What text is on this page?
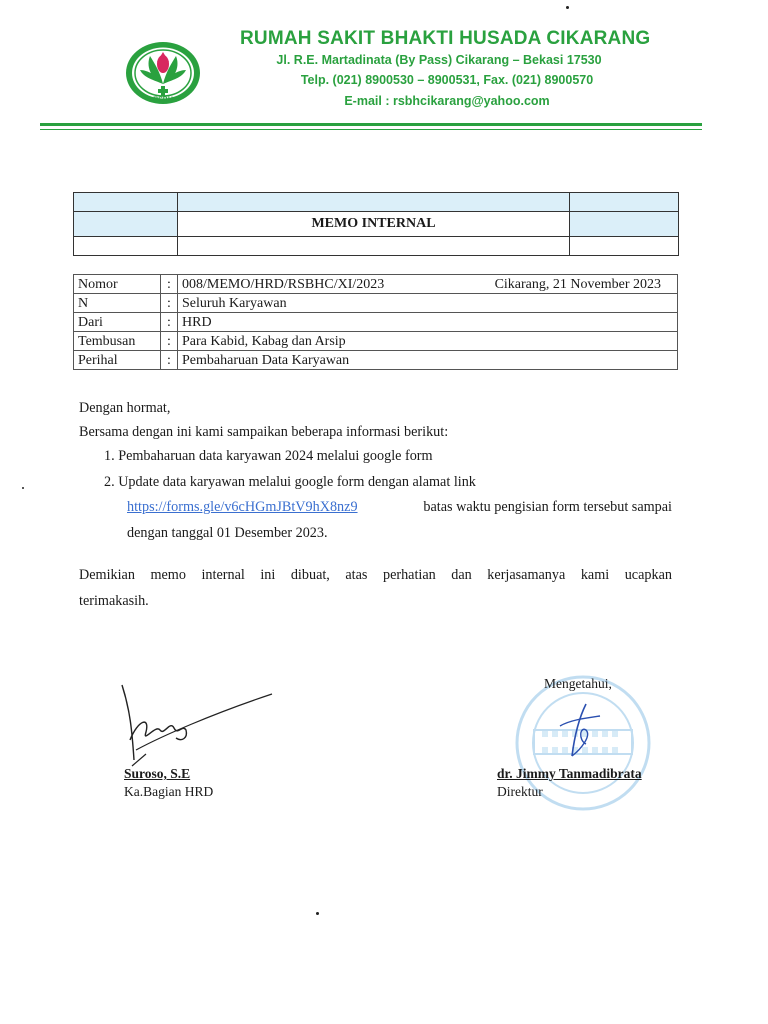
RSBH
RUMAH SAKIT BHAKTI HUSADA CIKARANG
Jl. R.E. Martadinata (By Pass) Cikarang – Bekasi 17530
Telp. (021) 8900530 – 8900531, Fax. (021) 8900570
E-mail : rsbhcikarang@yahoo.com

	MEMO INTERNAL	

Nomor	:	008/MEMO/HRD/RSBHC/XI/2023 Cikarang, 21 November 2023

N	:	Seluruh Karyawan
Dari	:	HRD
Tembusan	:	Para Kabid, Kabag dan Arsip
Perihal	:	Pembaharuan Data Karyawan
Dengan hormat,
Bersama dengan ini kami sampaikan beberapa informasi berikut:
1. Pembaharuan data karyawan 2024 melalui google form
2. Update data karyawan melalui google form dengan alamat link
https://forms.gle/v6cHGmJBtV9hX8nz9	batas waktu pengisian form tersebut sampai
dengan tanggal 01 Desember 2023.
Demikian memo internal ini dibuat, atas perhatian dan kerjasamanya kami ucapkan
terimakasih.
Mengetahui,
Suroso, S.E
Ka.Bagian HRD
dr. Jimmy Tanmadibrata
Direktur
